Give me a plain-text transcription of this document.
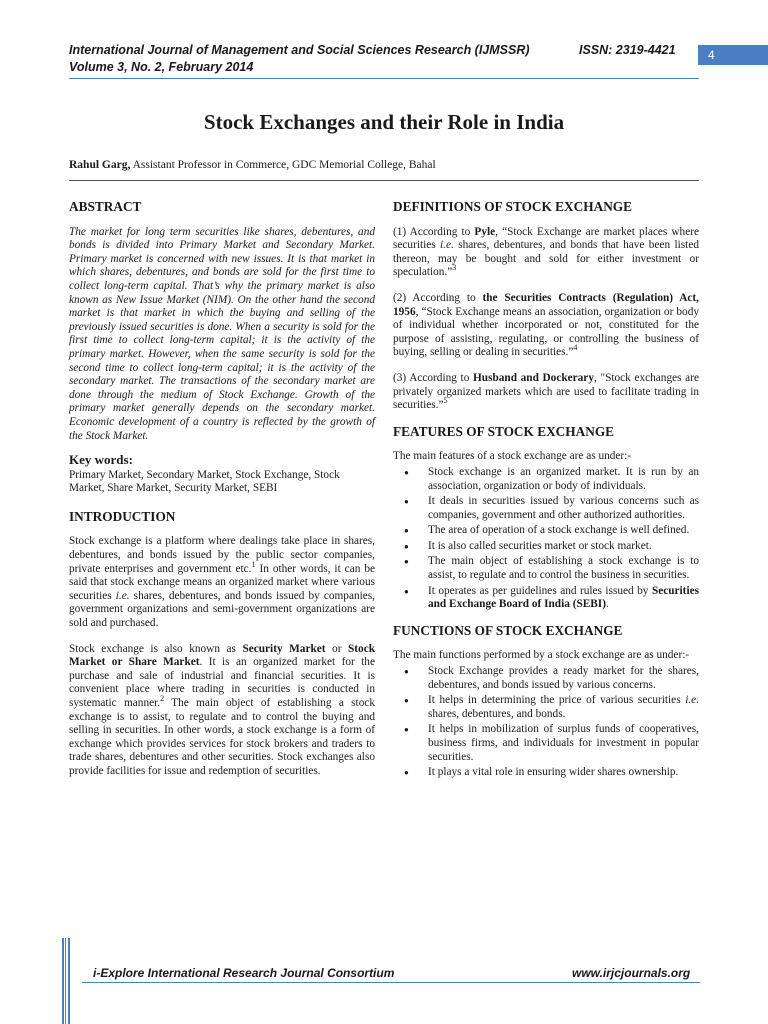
International Journal of Management and Social Sciences Research (IJMSSR)
Volume 3, No. 2, February 2014
ISSN: 2319-4421	4
Stock Exchanges and their Role in India
Rahul Garg, Assistant Professor in Commerce, GDC Memorial College, Bahal
ABSTRACT

The market for long term securities like shares, debentures, and bonds is divided into Primary Market and Secondary Market. Primary market is concerned with new issues. It is that market in which shares, debentures, and bonds are sold for the first time to collect long-term capital. That’s why the primary market is also known as New Issue Market (NIM). On the other hand the second market is that market in which the buying and selling of the previously issued securities is done. When a security is sold for the first time to collect long-term capital; it is the activity of the primary market. However, when the same security is sold for the second time to collect long-term capital; it is the activity of the secondary market. The transactions of the secondary market are done through the medium of Stock Exchange. Growth of the primary market generally depends on the secondary market. Economic development of a country is reflected by the growth of the Stock Market.

Key words:

Primary Market, Secondary Market, Stock Exchange, Stock Market, Share Market, Security Market, SEBI

INTRODUCTION

Stock exchange is a platform where dealings take place in shares, debentures, and bonds issued by the public sector companies, private enterprises and government etc.$^1$ In other words, it can be said that stock exchange means an organized market where various securities i.e. shares, debentures, and bonds issued by companies, government organizations and semi-government organizations are sold and purchased.

Stock exchange is also known as Security Market or Stock Market or Share Market. It is an organized market for the purchase and sale of industrial and financial securities. It is convenient place where trading in securities is conducted in systematic manner.$^2$ The main object of establishing a stock exchange is to assist, to regulate and to control the buying and selling in securities. In other words, a stock exchange is a form of exchange which provides services for stock brokers and traders to trade shares, debentures and other securities. Stock exchanges also provide facilities for issue and redemption of securities.

DEFINITIONS OF STOCK EXCHANGE

(1) According to Pyle, “Stock Exchange are market places where securities i.e. shares, debentures, and bonds that have been listed thereon, may be bought and sold for either investment or speculation.”$^3$

(2) According to the Securities Contracts (Regulation) Act, 1956, “Stock Exchange means an association, organization or body of individual whether incorporated or not, constituted for the purpose of assisting, regulating, or controlling the business of buying, selling or dealing in securities.”$^4$

(3) According to Husband and Dockerary, "Stock exchanges are privately organized markets which are used to facilitate trading in securities.”$^5$

FEATURES OF STOCK EXCHANGE
The main features of a stock exchange are as under:-
● Stock exchange is an organized market. It is run by an association, organization or body of individuals.
● It deals in securities issued by various concerns such as companies, government and other authorized authorities.
● The area of operation of a stock exchange is well defined.
● It is also called securities market or stock market.
● The main object of establishing a stock exchange is to assist, to regulate and to control the business in securities.
● It operates as per guidelines and rules issued by Securities and Exchange Board of India (SEBI).
FUNCTIONS OF STOCK EXCHANGE
The main functions performed by a stock exchange are as under:-
● Stock Exchange provides a ready market for the shares, debentures, and bonds issued by various concerns.
● It helps in determining the price of various securities i.e. shares, debentures, and bonds.
● It helps in mobilization of surplus funds of cooperatives, business firms, and individuals for investment in popular securities.
● It plays a vital role in ensuring wider shares ownership.
i-Explore International Research Journal Consortium	www.irjcjournals.org
